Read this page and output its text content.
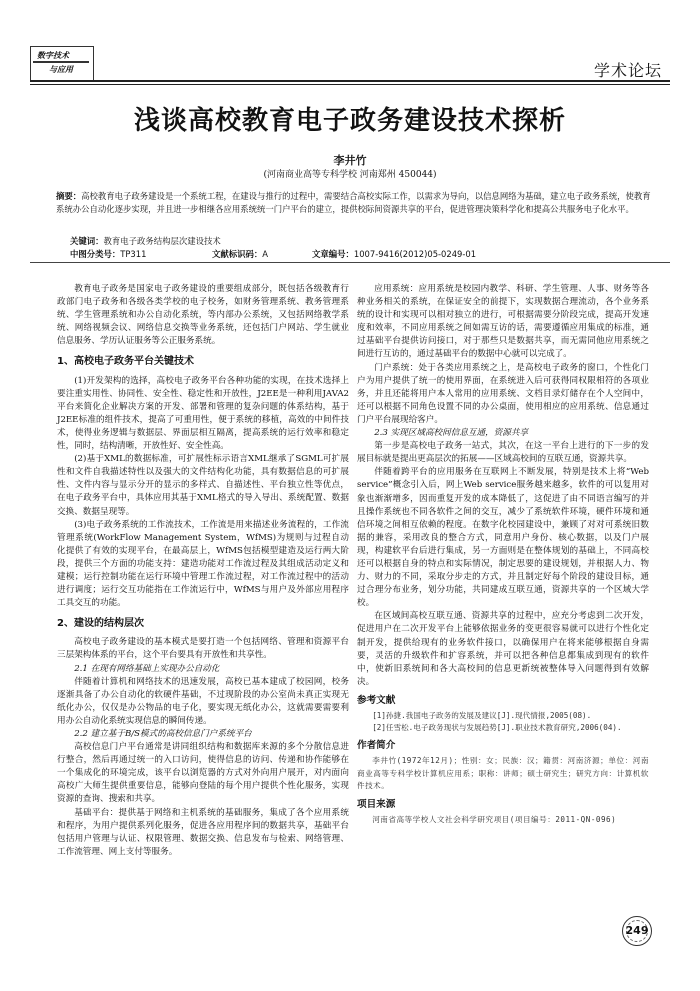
数字技术
与应用	学术论坛
浅谈高校教育电子政务建设技术探析
李井竹
(河南商业高等专科学校 河南郑州 450044)
摘要：高校教育电子政务建设是一个系统工程，在建设与推行的过程中，需要结合高校实际工作，以需求为导向，以信息网络为基础，建立电子政务系统，使教育系统办公自动化逐步实现，并且进一步相继各应用系统统一门户平台的建立，提供校际间资源共享的平台，促进管理决策科学化和提高公共服务电子化水平。
关键词：教育电子政务结构层次建设技术
中图分类号：TP311	文献标识码：A	文章编号：1007-9416(2012)05-0249-01

教育电子政务是国家电子政务建设的重要组成部分，既包括各级教育行政部门电子政务和各级各类学校的电子校务，如财务管理系统、教务管理系统、学生管理系统和办公自动化系统，等内部办公系统，又包括网络教学系统、网络视频会议、网络信息交换等业务系统，还包括门户网站、学生就业信息服务、学历认证服务等公正服务系统。

1、高校电子政务平台关键技术

(1)开发架构的选择，高校电子政务平台各种功能的实现，在技术选择上要注重实用性、协同性、安全性、稳定性和开放性，J2EE是一种利用JAVA2平台来简化企业解决方案的开发、部署和管理的复杂问题的体系结构，基于J2EE标准的组件技术，提高了可重用性，便于系统的移植，高效的中间件技术，使得业务逻辑与数据层、界面层相互隔离，提高系统的运行效率和稳定性，同时，结构清晰，开放性好、安全性高。

(2)基于XML的数据标准，可扩展性标示语言XML继承了SGML可扩展性和文件自我描述特性以及强大的文件结构化功能，具有数据信息的可扩展性、文件内容与显示分开的显示的多样式、自描述性、平台独立性等优点，在电子政务平台中，具体应用其基于XML格式的导入导出、系统配置、数据交换、数据呈现等。

(3)电子政务系统的工作流技术，工作流是用来描述业务流程的，工作流管理系统(WorkFlow Management System，WfMS)为规则与过程自动化提供了有效的实现平台，在最高层上，WfMS包括模型建造及运行两大阶段，提供三个方面的功能支持：建造功能对工作流过程及其组成活动定义和建模；运行控制功能在运行环境中管理工作流过程，对工作流过程中的活动进行调度；运行交互功能指在工作流运行中，WfMS与用户及外部应用程序工具交互的功能。

2、建设的结构层次

高校电子政务建设的基本模式是要打造一个包括网络、管理和资源平台三层架构体系的平台，这个平台要具有开放性和共享性。

2.1 在现有网络基础上实现办公自动化

伴随着计算机和网络技术的迅速发展，高校已基本建成了校园网，校务逐渐具备了办公自动化的软硬件基础，不过现阶段的办公室尚未真正实现无纸化办公，仅仅是办公物品的电子化，要实现无纸化办公，这就需要需要利用办公自动化系统实现信息的瞬间传递。

2.2 建立基于B/S模式的高校信息门户系统平台

高校信息门户平台通常是讲同组织结构和数据库来源的多个分散信息进行整合，然后再通过统一的入口访问，使得信息的访问、传递和协作能够在一个集成化的环境完成，该平台以浏览器的方式对外向用户展开，对内面向高校广大师生提供重要信息，能够向登陆的每个用户提供个性化服务，实现资源的查询、搜索和共享。

基础平台：提供基于网络和主机系统的基础服务，集成了各个应用系统和程序，为用户提供系列化服务，促进各应用程序间的数据共享，基础平台包括用户管理与认证、权限管理、数据交换、信息发布与检索、网络管理、工作流管理、网上支付等服务。

应用系统：应用系统是校园内教学、科研、学生管理、人事、财务等各种业务相关的系统，在保证安全的前提下，实现数据合理流动，各个业务系统的设计和实现可以相对独立的进行，可根据需要分阶段完成，提高开发速度和效率，不同应用系统之间如需互访的话，需要遵循应用集成的标准，通过基础平台提供访问接口，对于那些只是数据共享，而无需同他应用系统之间进行互访的，通过基础平台的数据中心就可以完成了。

门户系统：处于各类应用系统之上，是高校电子政务的窗口，个性化门户为用户提供了统一的使用界面，在系统进入后可获得同权限相符的各项业务，并且还能将用户本人常用的应用系统、文档目录灯储存在个人空间中，还可以根据不同角色设置不同的办公桌面，使用相应的应用系统、信息通过门户平台展现给客户。

2.3 实现区域高校间信息互通，资源共享

第一步是高校电子政务一站式，其次，在这一平台上进行的下一步的发展目标就是提出更高层次的拓展——区域高校间的互联互通，资源共享。

伴随着跨平台的应用服务在互联网上不断发展，特别是技术上将“Web service”概念引入后，网上Web service服务越来越多，软件的可以复用对象也渐渐增多，因而重复开发的成本降低了，这促进了由不同语言编写的并且操作系统也不同各软件之间的交互，减少了系统软件环境，硬件环境和通信环境之间相互依赖的程度。在数字化校园建设中，兼顾了对对可系统旧数据的兼容，采用改良的整合方式，同意用户身份、核心数据，以及门户展现，构建软平台后进行集成，另一方面则是在整体规划的基础上，不同高校还可以根据自身的特点和实际情况，制定思要的建设规划，并根据人力、物力、财力的不同，采取分步走的方式，并且制定好每个阶段的建设目标，通过合理分布业务，划分功能，共同建成互联互通，资源共享的一个区域大学校。

在区域间高校互联互通、资源共享的过程中，应充分考虑到二次开发，促进用户在二次开发平台上能够依据业务的变更很容易就可以进行个性化定制开发，提供给现有的业务软件接口，以确保用户在将来能够根据自身需要，灵活的升级软件和扩容系统，并可以把各种信息都集成到现有的软件中，使新旧系统间和各大高校间的信息更新统被整体导入问题得到有效解决。

参考文献

[1]孙捷.我国电子政务的发展及建议[J].现代情报,2005(08).

[2]任雪松.电子政务现状与发展趋势[J].职业技术教育研究,2006(04).

作者简介

李井竹(1972年12月)；性别：女；民族：汉；籍贯：河南济源；单位：河南商业高等专科学校计算机应用系；职称：讲师；硕士研究生；研究方向：计算机软件技术。

项目来源

河南省高等学校人文社会科学研究项目(项目编号：2011-QN-096)

249
